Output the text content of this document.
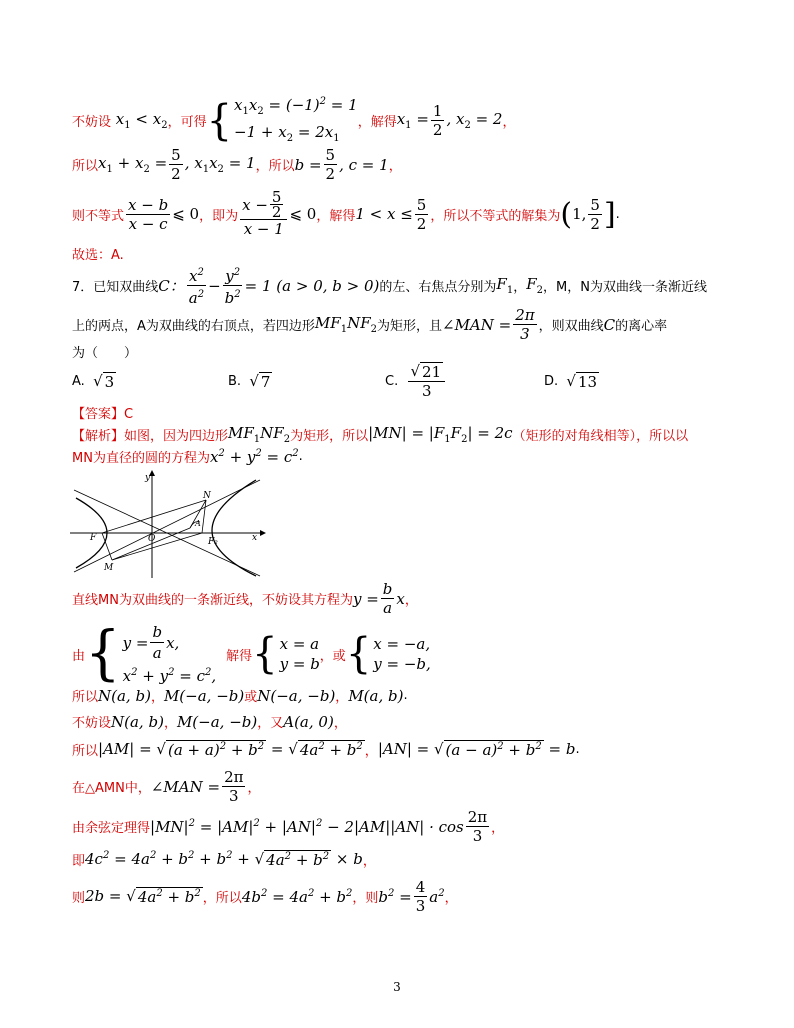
不妨设 $x_1 < x_2$ ，可得 { $x_1x_2 = (-1)^2 = 1$
$-1 + x_2 = 2x_1$
，解得 $x_1 = \frac{1}{2}$ , $x_2 = 2$ ，
所以 $x_1 + x_2 = \frac{5}{2}$ , $x_1x_2 = 1$ ，所以 $b = \frac{5}{2}$ , c = 1 ，
则不等式 $\frac{x - b}{x - c}$ ⩽ 0 ，即为 $\frac{x - \frac{5}{2}}{x - 1}$ ⩽ 0 ，解得 $1 < x \le \frac{5}{2}$ ，所以不等式的解集为 ( 1, $\frac{5}{2}$ ] .
故选：A.
7．已知双曲线 C： $\frac{x^2}{a^2} - \frac{y^2}{b^2} = 1$ (a > 0, b > 0) 的左、右焦点分别为 $F_1$ ， $F_2$ ， M，N为双曲线一条渐近线
上的两点，A为双曲线的右顶点，若四边形 $MF_1NF_2$ 为矩形，且 ∠MAN = $\frac{2\pi}{3}$ ，则双曲线 C 的离心率
为（　　）
A.
√ 3	B.
√ 7	C.
$\frac{√ 21}{3}$	D.
√ 13
【答案】C
【解析】如图，因为四边形 $MF_1NF_2$ 为矩形，所以 $|MN| = |F_1F_2| = 2c$ （矩形的对角线相等），所以以
MN为直径的圆的方程为 $x^2 + y^2 = c^2$ .
y
N
A
F	O	F₂	x
M
直线MN为双曲线的一条渐近线，不妨设其方程为 $y = \frac{b}{a}$ x ，
由 { $y = \frac{b}{a} x$,
$x^2 + y^2 = c^2$,
解得 { x = a
y = b ，或 { x = −a,
y = −b,
所以 N(a, b) ， M(−a, −b) 或 N(−a, −b) ， M(a, b) .
不妨设 N(a, b) ， M(−a, −b) ，又 A(a, 0) ，
所以 |AM| = √ $(a + a)^2 + b^2$ = √ $4a^2 + b^2$ ， |AN| = √ $(a - a)^2 + b^2 = b$ .
在△AMN中， ∠MAN = $\frac{2\pi}{3}$ ，
由余弦定理得 $|MN|^2 = |AM|^2 + |AN|^2 - 2|AM||AN| \cdot \cos \frac{2\pi}{3}$ ，
即 $4c^2 = 4a^2 + b^2 + b^2$ + √ $4a^2 + b^2 \times b$ ，
则 2b = √ $4a^2 + b^2$ ，所以 $4b^2 = 4a^2 + b^2$ ，则 $b^2 = \frac{4}{3} a^2$ ，
3
